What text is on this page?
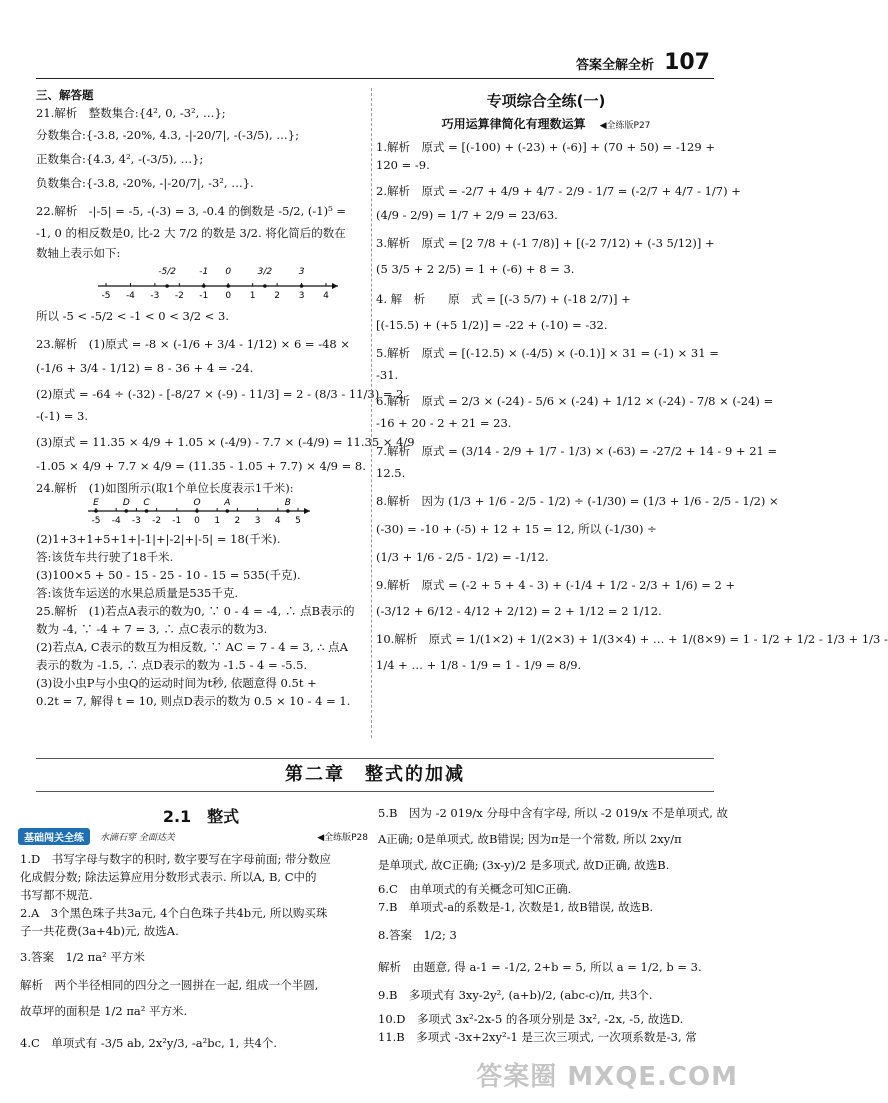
答案全解全析 107

三、解答题

21.解析　整数集合:{4², 0, -3², …};

分数集合:{-3.8, -20%, 4.3, -|-20/7|, -(-3/5), …};

正数集合:{4.3, 4², -(-3/5), …};

负数集合:{-3.8, -20%, -|-20/7|, -3², …}.

22.解析　-|-5| = -5, -(-3) = 3, -0.4 的倒数是 -5/2, (-1)⁵ =

-1, 0 的相反数是0, 比-2 大 7/2 的数是 3/2. 将化简后的数在

数轴上表示如下:

-5 -4 -3 -2 -1 0 1 2 3 4
-5/2	-1 0	3/2	3

所以 -5 < -5/2 < -1 < 0 < 3/2 < 3.

23.解析　(1)原式 = -8 × (-1/6 + 3/4 - 1/12) × 6 = -48 ×

(-1/6 + 3/4 - 1/12) = 8 - 36 + 4 = -24.

(2)原式 = -64 ÷ (-32) - [-8/27 × (-9) - 11/3] = 2 - (8/3 - 11/3) = 2

-(-1) = 3.

(3)原式 = 11.35 × 4/9 + 1.05 × (-4/9) - 7.7 × (-4/9) = 11.35 × 4/9

-1.05 × 4/9 + 7.7 × 4/9 = (11.35 - 1.05 + 7.7) × 4/9 = 8.

24.解析　(1)如图所示(取1个单位长度表示1千米):

-5 -4 -3 -2 -1 0 1 2 3 4 5
E	D C	O	A	B

(2)1+3+1+5+1+|-1|+|-2|+|-5| = 18(千米).

答:该货车共行驶了18千米.

(3)100×5 + 50 - 15 - 25 - 10 - 15 = 535(千克).

答:该货车运送的水果总质量是535千克.

25.解析　(1)若点A表示的数为0, ∵ 0 - 4 = -4, ∴ 点B表示的

数为 -4, ∵ -4 + 7 = 3, ∴ 点C表示的数为3.

(2)若点A, C表示的数互为相反数, ∵ AC = 7 - 4 = 3, ∴ 点A

表示的数为 -1.5, ∴ 点D表示的数为 -1.5 - 4 = -5.5.

(3)设小虫P与小虫Q的运动时间为t秒, 依题意得 0.5t +

0.2t = 7, 解得 t = 10, 则点D表示的数为 0.5 × 10 - 4 = 1.

专项综合全练(一)
巧用运算律简化有理数运算 ◀全练版P27

1.解析　原式 = [(-100) + (-23) + (-6)] + (70 + 50) = -129 +

120 = -9.

2.解析　原式 = -2/7 + 4/9 + 4/7 - 2/9 - 1/7 = (-2/7 + 4/7 - 1/7) +

(4/9 - 2/9) = 1/7 + 2/9 = 23/63.

3.解析　原式 = [2 7/8 + (-1 7/8)] + [(-2 7/12) + (-3 5/12)] +

(5 3/5 + 2 2/5) = 1 + (-6) + 8 = 3.

4. 解　析　　原　式 = [(-3 5/7) + (-18 2/7)] +

[(-15.5) + (+5 1/2)] = -22 + (-10) = -32.

5.解析　原式 = [(-12.5) × (-4/5) × (-0.1)] × 31 = (-1) × 31 =

-31.

6.解析　原式 = 2/3 × (-24) - 5/6 × (-24) + 1/12 × (-24) - 7/8 × (-24) =

-16 + 20 - 2 + 21 = 23.

7.解析　原式 = (3/14 - 2/9 + 1/7 - 1/3) × (-63) = -27/2 + 14 - 9 + 21 =

12.5.

8.解析　因为 (1/3 + 1/6 - 2/5 - 1/2) ÷ (-1/30) = (1/3 + 1/6 - 2/5 - 1/2) ×

(-30) = -10 + (-5) + 12 + 15 = 12, 所以 (-1/30) ÷

(1/3 + 1/6 - 2/5 - 1/2) = -1/12.

9.解析　原式 = (-2 + 5 + 4 - 3) + (-1/4 + 1/2 - 2/3 + 1/6) = 2 +

(-3/12 + 6/12 - 4/12 + 2/12) = 2 + 1/12 = 2 1/12.

10.解析　原式 = 1/(1×2) + 1/(2×3) + 1/(3×4) + … + 1/(8×9) = 1 - 1/2 + 1/2 - 1/3 + 1/3 -

1/4 + … + 1/8 - 1/9 = 1 - 1/9 = 8/9.

第二章　整式的加减
2.1　整式
基础闯关全练	水滴石穿 全面达关	◀全练版P28

1.D　书写字母与数字的积时, 数字要写在字母前面; 带分数应

化成假分数; 除法运算应用分数形式表示. 所以A, B, C中的

书写都不规范.

2.A　3个黑色珠子共3a元, 4个白色珠子共4b元, 所以购买珠

子一共花费(3a+4b)元, 故选A.

3.答案　1/2 πa² 平方米

解析　两个半径相同的四分之一圆拼在一起, 组成一个半圆,

故草坪的面积是 1/2 πa² 平方米.

4.C　单项式有 -3/5 ab, 2x²y/3, -a²bc, 1, 共4个.

5.B　因为 -2 019/x 分母中含有字母, 所以 -2 019/x 不是单项式, 故

A正确; 0是单项式, 故B错误; 因为π是一个常数, 所以 2xy/π

是单项式, 故C正确; (3x-y)/2 是多项式, 故D正确, 故选B.

6.C　由单项式的有关概念可知C正确.

7.B　单项式-a的系数是-1, 次数是1, 故B错误, 故选B.

8.答案　1/2; 3

解析　由题意, 得 a-1 = -1/2, 2+b = 5, 所以 a = 1/2, b = 3.

9.B　多项式有 3xy-2y², (a+b)/2, (abc-c)/π, 共3个.

10.D　多项式 3x²-2x-5 的各项分别是 3x², -2x, -5, 故选D.

11.B　多项式 -3x+2xy²-1 是三次三项式, 一次项系数是-3, 常

答案圈 MXQE.COM
